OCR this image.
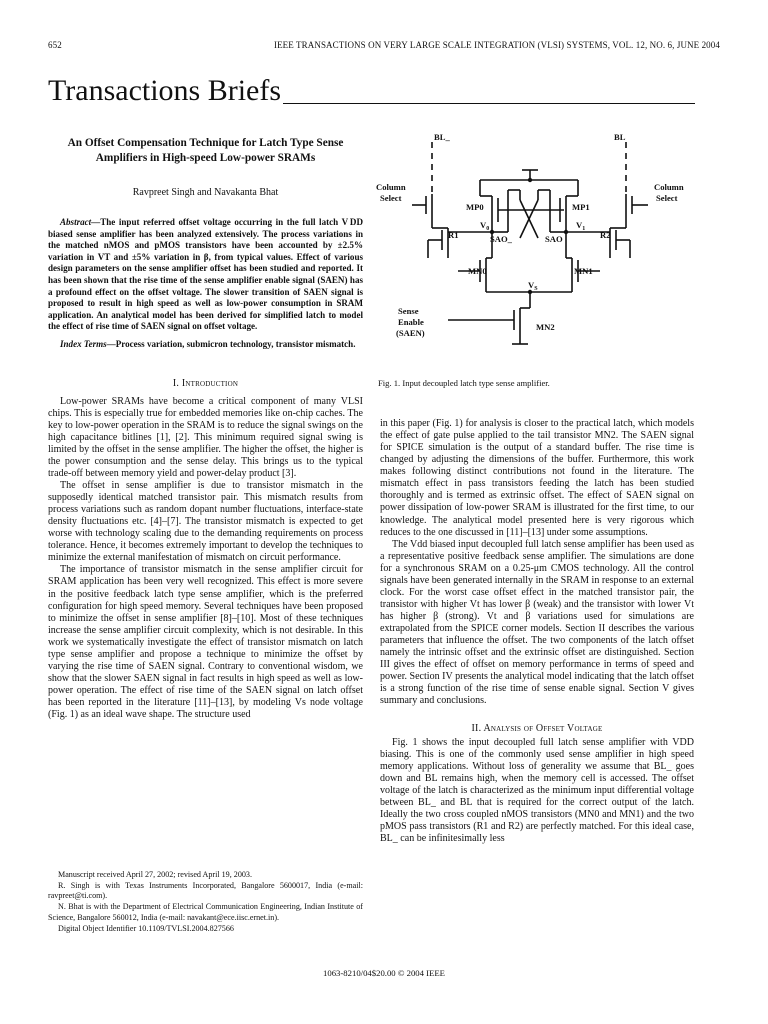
652	IEEE TRANSACTIONS ON VERY LARGE SCALE INTEGRATION (VLSI) SYSTEMS, VOL. 12, NO. 6, JUNE 2004
Transactions Briefs
An Offset Compensation Technique for Latch Type Sense Amplifiers in High-speed Low-power SRAMs
Ravpreet Singh and Navakanta Bhat
Abstract—The input referred offset voltage occurring in the full latch V DD biased sense amplifier has been analyzed extensively. The process variations in the matched nMOS and pMOS transistors have been accounted by ±2.5% variation in VT and ±5% variation in β, from typical values. Effect of various design parameters on the sense amplifier offset has been studied and reported. It has been shown that the rise time of the sense amplifier enable signal (SAEN) has a profound effect on the offset voltage. The slower transition of SAEN signal is proposed to result in high speed as well as low-power consumption in SRAM application. An analytical model has been derived for simplified latch to model the effect of rise time of SAEN signal on offset voltage.
Index Terms—Process variation, submicron technology, transistor mismatch.
I. Introduction

Low-power SRAMs have become a critical component of many VLSI chips. This is especially true for embedded memories like on-chip caches. The key to low-power operation in the SRAM is to reduce the signal swings on the high capacitance bitlines [1], [2]. This minimum required signal swing is limited by the offset in the sense amplifier. The higher the offset, the higher is the power consumption and the sense delay. This brings us to the typical trade-off between memory yield and power-delay product [3].

The offset in sense amplifier is due to transistor mismatch in the supposedly identical matched transistor pair. This mismatch results from process variations such as random dopant number fluctuations, interface-state density fluctuations etc. [4]–[7]. The transistor mismatch is expected to get worse with technology scaling due to the demanding requirements on process tolerance. Hence, it becomes extremely important to develop the techniques to minimize the external manifestation of mismatch on circuit performance.

The importance of transistor mismatch in the sense amplifier circuit for SRAM application has been very well recognized. This effect is more severe in the positive feedback latch type sense amplifier, which is the preferred configuration for high speed memory. Several techniques have been proposed to minimize the offset in sense amplifier [8]–[10]. Most of these techniques increase the sense amplifier circuit complexity, which is not desirable. In this work we systematically investigate the effect of transistor mismatch on latch type sense amplifier and propose a technique to minimize the offset by varying the rise time of SAEN signal. Contrary to conventional wisdom, we show that the slower SAEN signal in fact results in high speed as well as low-power operation. The effect of rise time of the SAEN signal on latch offset has been reported in the literature [11]–[13], by modeling Vs node voltage (Fig. 1) as an ideal wave shape. The structure used

Manuscript received April 27, 2002; revised April 19, 2003.

R. Singh is with Texas Instruments Incorporated, Bangalore 5600017, India (e-mail: ravpreet@ti.com).

N. Bhat is with the Department of Electrical Communication Engineering, Indian Institute of Science, Bangalore 560012, India (e-mail: navakant@ece.iisc.ernet.in).

Digital Object Identifier 10.1109/TVLSI.2004.827566

BL_	BL
Column
Select
Column
Select
MP0	MP1
R1	R2
$V_0$	$V_1$
SAO_	SAO
MN0	MN1
$V_S$
Sense
Enable
(SAEN)
MN2
Fig. 1. Input decoupled latch type sense amplifier.

in this paper (Fig. 1) for analysis is closer to the practical latch, which models the effect of gate pulse applied to the tail transistor MN2. The SAEN signal for SPICE simulation is the output of a standard buffer. The rise time is changed by adjusting the dimensions of the buffer. Furthermore, this work makes following distinct contributions not found in the literature. The mismatch effect in pass transistors feeding the latch has been studied thoroughly and is termed as extrinsic offset. The effect of SAEN signal on power dissipation of low-power SRAM is illustrated for the first time, to our knowledge. The analytical model presented here is very rigorous which reduces to the one discussed in [11]–[13] under some assumptions.

The Vdd biased input decoupled full latch sense amplifier has been used as a representative positive feedback sense amplifier. The simulations are done for a synchronous SRAM on a 0.25-μm CMOS technology. All the control signals have been generated internally in the SRAM in response to an external clock. For the worst case offset effect in the matched transistor pair, the transistor with higher Vt has lower β (weak) and the transistor with lower Vt has higher β (strong). Vt and β variations used for simulations are extrapolated from the SPICE corner models. Section II describes the various parameters that influence the offset. The two components of the latch offset namely the intrinsic offset and the extrinsic offset are distinguished. Section III gives the effect of offset on memory performance in terms of speed and power. Section IV presents the analytical model indicating that the latch offset is a strong function of the rise time of sense enable signal. Section V gives summary and conclusions.

II. Analysis of Offset Voltage

Fig. 1 shows the input decoupled full latch sense amplifier with VDD biasing. This is one of the commonly used sense amplifier in high speed memory applications. Without loss of generality we assume that BL_ goes down and BL remains high, when the memory cell is accessed. The offset voltage of the latch is characterized as the minimum input differential voltage between BL_ and BL that is required for the correct output of the latch. Ideally the two cross coupled nMOS transistors (MN0 and MN1) and the two pMOS pass transistors (R1 and R2) are perfectly matched. For this ideal case, BL_ can be infinitesimally less

1063-8210/04$20.00 © 2004 IEEE
